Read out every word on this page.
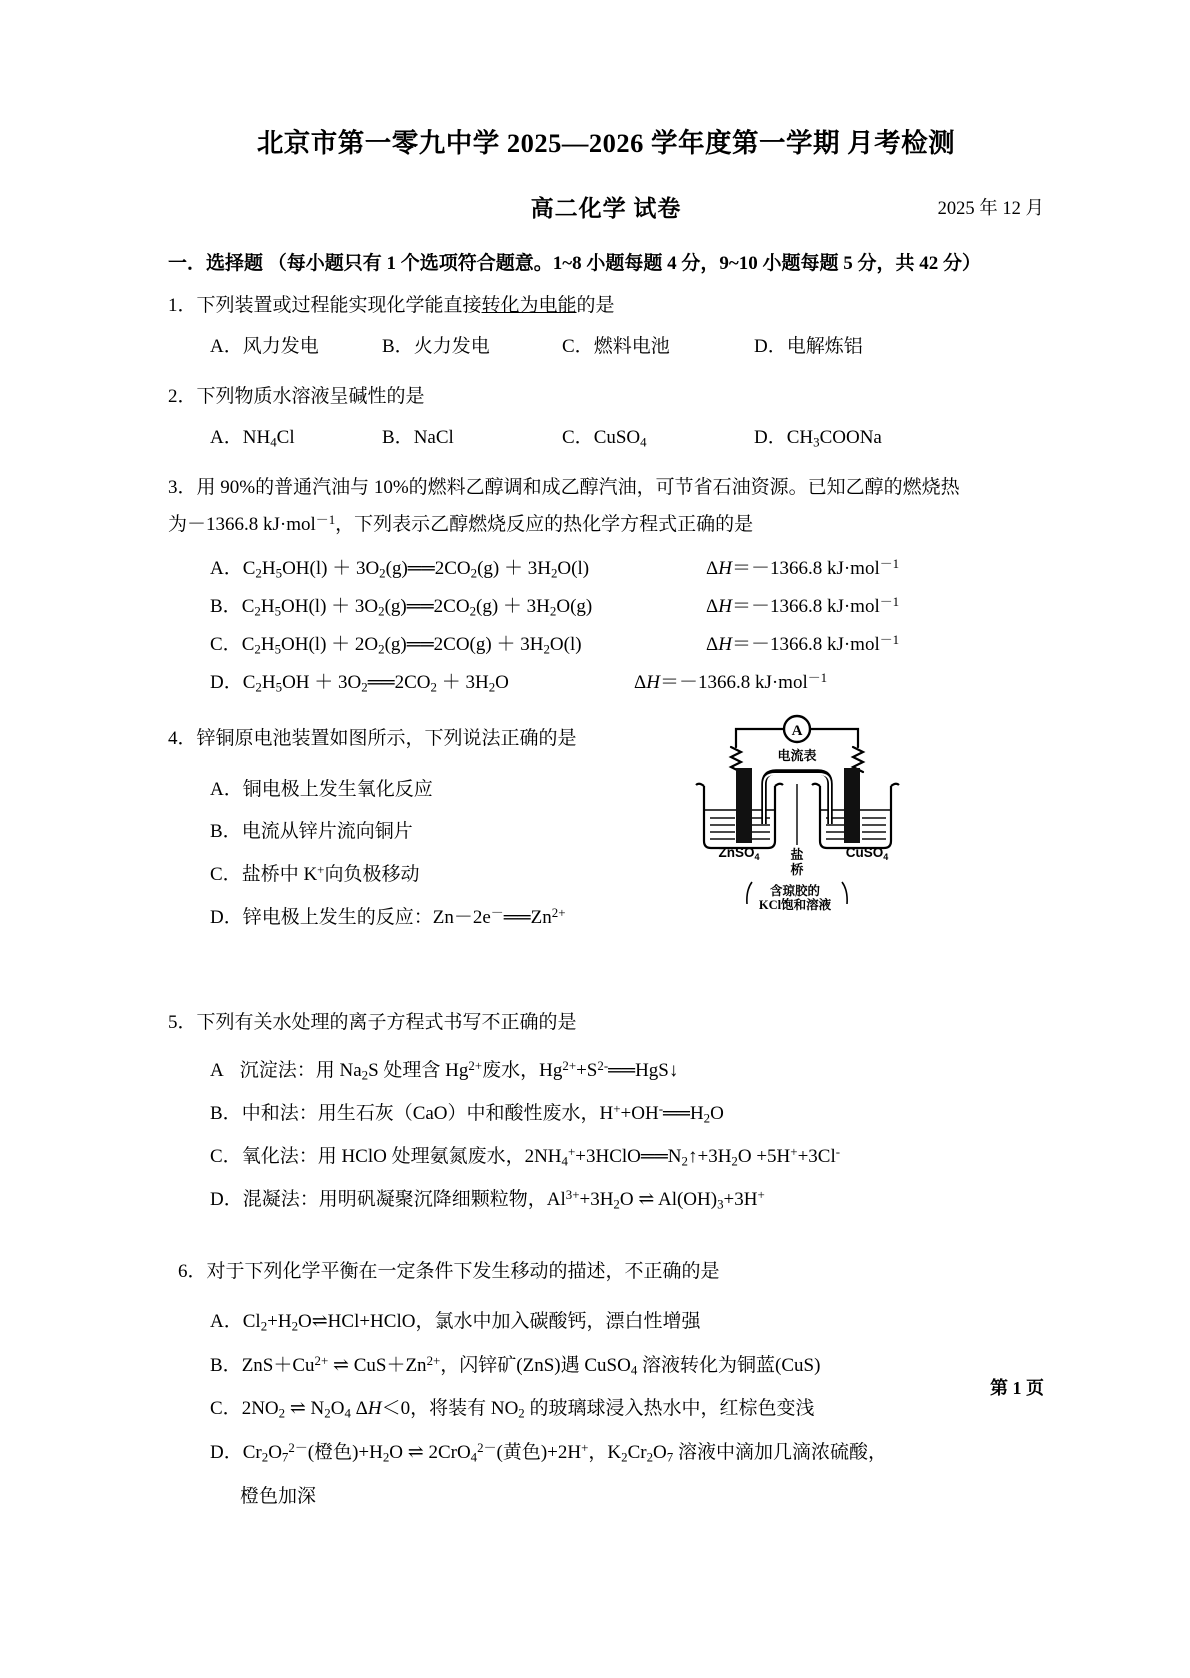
北京市第一零九中学 2025—2026 学年度第一学期 月考检测
高二化学 试卷	2025 年 12 月
一．选择题 （每小题只有 1 个选项符合题意。1~8 小题每题 4 分，9~10 小题每题 5 分，共 42 分）
1．下列装置或过程能实现化学能直接转化为电能的是
A．风力发电	B．火力发电	C．燃料电池	D．电解炼铝
2．下列物质水溶液呈碱性的是
A．$NH_4Cl$	B．NaCl	C．CuSO$_4$	D．$CH_3COONa$
3．用 90%的普通汽油与 10%的燃料乙醇调和成乙醇汽油，可节省石油资源。已知乙醇的燃烧热
为－1366.8 kJ·mol$^{-1}$，下列表示乙醇燃烧反应的热化学方程式正确的是
A．$C_2H_5OH(l)$ ＋ $3O_2(g)══2CO_2(g) + 3H_2O(l)$	ΔH＝－1366.8 kJ·mol$^{-1}$
B．$C_2H_5OH(l)$ ＋ $3O_2(g)══2CO_2(g) + 3H_2O(g)$	ΔH＝－1366.8 kJ·mol$^{-1}$
C．$C_2H_5OH(l)$ ＋ $2O_2(g)══2CO(g) + 3H_2O(l)$	ΔH＝－1366.8 kJ·mol$^{-1}$
D．$C_2H_5OH$ ＋ $3O_2══2CO_2 + 3H_2O$	ΔH＝－1366.8 kJ·mol$^{-1}$
4．锌铜原电池装置如图所示，下列说法正确的是
A．铜电极上发生氧化反应
B．电流从锌片流向铜片
C．盐桥中 K+向负极移动
D．锌电极上发生的反应：$Zn-2e^-══Zn^{2+}$
5．下列有关水处理的离子方程式书写不正确的是
A 沉淀法：用 $Na_2S$ 处理含 $Hg^{2+}$废水，$Hg^{2+}+S^{2-}══HgS↓$
B．中和法：用生石灰（CaO）中和酸性废水，$H^++OH^-══H_2O$
C．氧化法：用 HClO 处理氨氮废水，$2NH_4^++3HClO══N_2↑+3H_2O +5H^++3Cl^-$
D．混凝法：用明矾凝聚沉降细颗粒物，$Al^{3+}+3H_2O$ ⇌ $Al(OH)_3+3H^+$
6．对于下列化学平衡在一定条件下发生移动的描述，不正确的是
A．$Cl_2+H_2O\rightleftharpoons HCl+HClO$，氯水中加入碳酸钙，漂白性增强
B．$ZnS+Cu^{2+}$ ⇌ $CuS+Zn^{2+}$，闪锌矿(ZnS)遇 CuSO$_4$ 溶液转化为铜蓝(CuS)
C．$2NO_2$ ⇌ $N_2O_4$ ΔH＜0，将装有 $NO_2$ 的玻璃球浸入热水中，红棕色变浅
D．$Cr_2O_7^{2-}$(橙色)$+H_2O$ ⇌ 2CrO$_4^{2-}$(黄色)+2H+，$K_2Cr_2O_7$ 溶液中滴加几滴浓硫酸，
橙色加深
A
电流表
ZnSO$_4$	CuSO$_4$
盐
桥
含琼胶的
KCl饱和溶液
第 1 页
